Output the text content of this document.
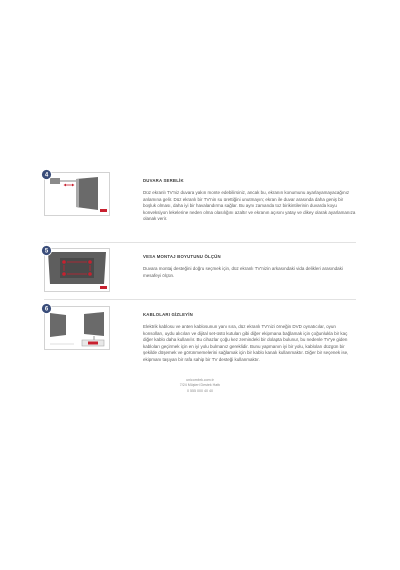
4
DUVARA SERBLİK

Düz ekranlı TV'niz duvara yakın monte edebilirsiniz, ancak bu, ekranın konumunu ayarlayamayacağınız anlamına gelir. Düz ekranlı bir TV'nin su ürettiğini unutmayın; ekran ile duvar arasında daha geniş bir boşluk olması, daha iyi bir havalandırma sağlar. Bu aynı zamanda toz birikintilerinin duvarda koyu konveksiyon lekelerine neden olma olasılığını azaltır ve ekranın açısını yatay ve dikey olarak ayarlamanıza olanak verir.

5
VESA MONTAJ BOYUTUNU ÖLÇÜN

Duvara montaj desteğini doğru seçmek için, düz ekranlı TV'nizin arkasındaki vida delikleri arasındaki mesafeyi ölçün.

6
KABLOLARI GİZLEYİN

Elektrik kablosu ve anten kablosunun yanı sıra, düz ekranlı TV'nizi örneğin DVD oynatıcılar, oyun konsolları, uydu alıcıları ve dijital set-üstü kutuları gibi diğer ekipmana bağlamak için çoğunlukla bir kaç diğer kablo daha kullanılır. Bu cihazlar çoğu kez zemindeki bir dolapta bulunur, bu nedenle TV'ye giden kabloları geçirmek için en iyi yolu bulmanız gereklidir. Bunu yapmanın iyi bir yolu, kabloları düzgün bir şekilde döşemek ve görünmemelerini sağlamak için bir kablo kanalı kullanmaktır. Diğer bir seçenek ise, ekipmanı taşıyan bir rafa sahip bir TV desteği kullanmaktır.

unicornbrk.com.tr
7/24 Müşteri Destek Hattı
0 555 000 40 40
